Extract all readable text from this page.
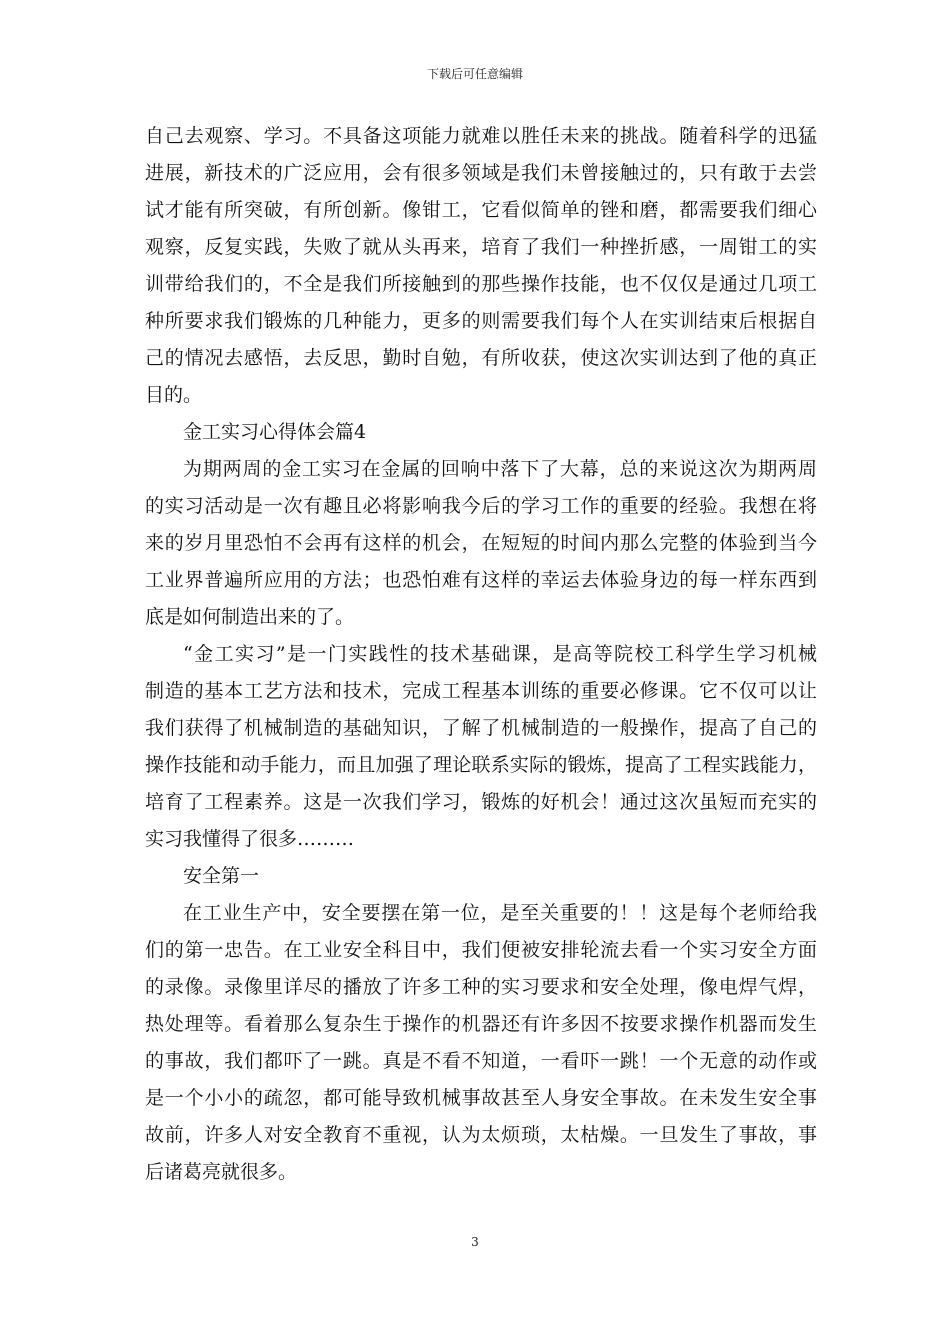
下载后可任意编辑
自己去观察、学习。不具备这项能力就难以胜任未来的挑战。随着科学的迅猛
进展，新技术的广泛应用，会有很多领域是我们未曾接触过的，只有敢于去尝
试才能有所突破，有所创新。像钳工，它看似简单的锉和磨，都需要我们细心
观察，反复实践，失败了就从头再来，培育了我们一种挫折感，一周钳工的实
训带给我们的，不全是我们所接触到的那些操作技能，也不仅仅是通过几项工
种所要求我们锻炼的几种能力，更多的则需要我们每个人在实训结束后根据自
己的情况去感悟，去反思，勤时自勉，有所收获，使这次实训达到了他的真正
目的。
金工实习心得体会篇4
为期两周的金工实习在金属的回响中落下了大幕，总的来说这次为期两周
的实习活动是一次有趣且必将影响我今后的学习工作的重要的经验。我想在将
来的岁月里恐怕不会再有这样的机会，在短短的时间内那么完整的体验到当今
工业界普遍所应用的方法；也恐怕难有这样的幸运去体验身边的每一样东西到
底是如何制造出来的了。
“金工实习”是一门实践性的技术基础课，是高等院校工科学生学习机械
制造的基本工艺方法和技术，完成工程基本训练的重要必修课。它不仅可以让
我们获得了机械制造的基础知识，了解了机械制造的一般操作，提高了自己的
操作技能和动手能力，而且加强了理论联系实际的锻炼，提高了工程实践能力，
培育了工程素养。这是一次我们学习，锻炼的好机会！通过这次虽短而充实的
实习我懂得了很多………
安全第一
在工业生产中，安全要摆在第一位，是至关重要的！！这是每个老师给我
们的第一忠告。在工业安全科目中，我们便被安排轮流去看一个实习安全方面
的录像。录像里详尽的播放了许多工种的实习要求和安全处理，像电焊气焊，
热处理等。看着那么复杂生于操作的机器还有许多因不按要求操作机器而发生
的事故，我们都吓了一跳。真是不看不知道，一看吓一跳！一个无意的动作或
是一个小小的疏忽，都可能导致机械事故甚至人身安全事故。在未发生安全事
故前，许多人对安全教育不重视，认为太烦琐，太枯燥。一旦发生了事故，事
后诸葛亮就很多。
3
